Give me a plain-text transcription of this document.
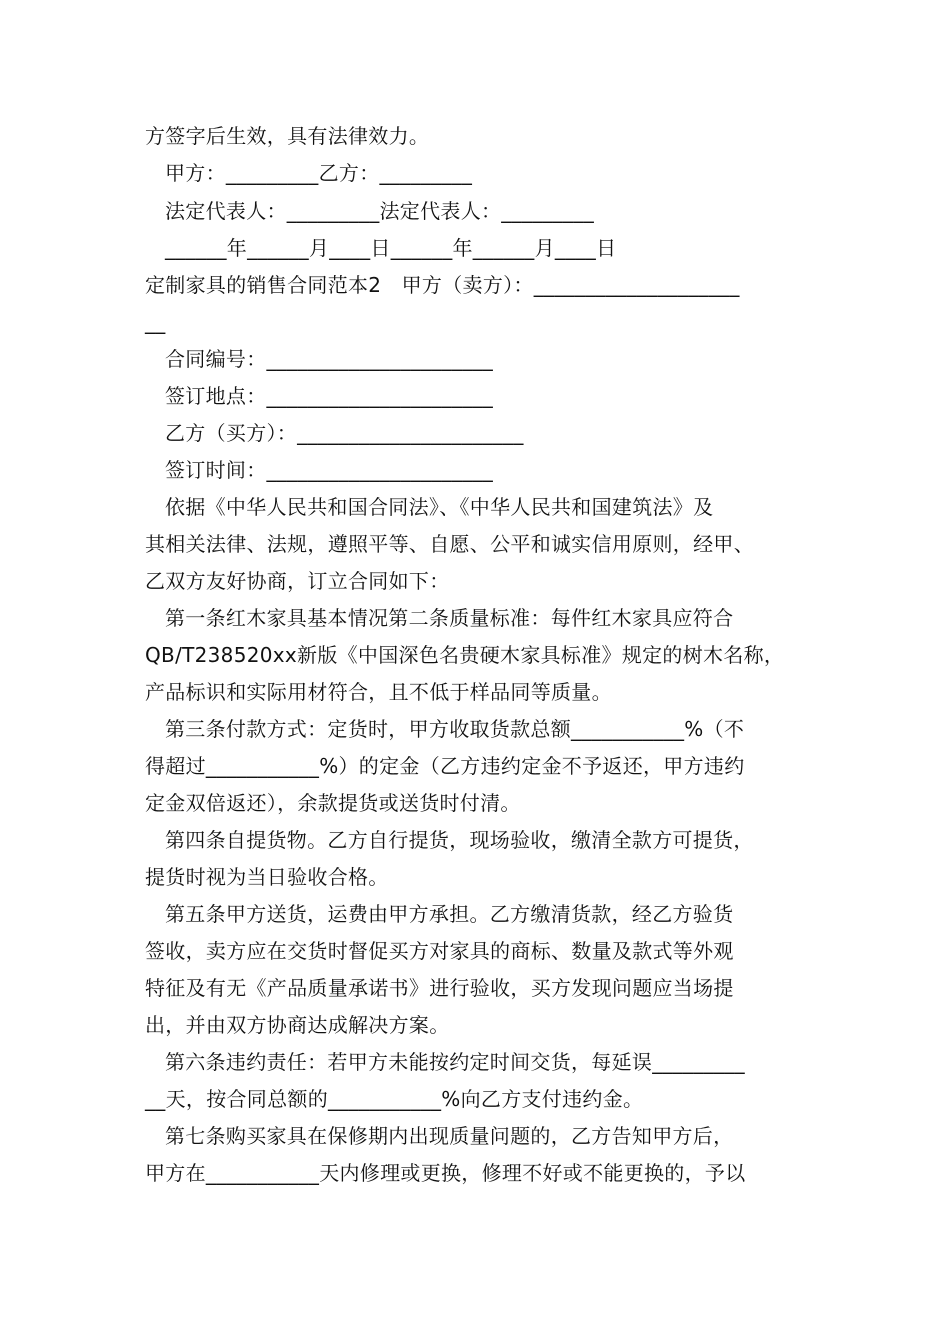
方签字后生效，具有法律效力。
甲方：_________乙方：_________
法定代表人：_________法定代表人：_________
______年______月____日______年______月____日
定制家具的销售合同范本2　甲方（卖方）：____________________
__
合同编号：______________________
签订地点：______________________
乙方（买方）：______________________
签订时间：______________________
依据《中华人民共和国合同法》、《中华人民共和国建筑法》及
其相关法律、法规，遵照平等、自愿、公平和诚实信用原则，经甲、
乙双方友好协商，订立合同如下：
第一条红木家具基本情况第二条质量标准：每件红木家具应符合
QB/T238520xx新版《中国深色名贵硬木家具标准》规定的树木名称，
产品标识和实际用材符合，且不低于样品同等质量。
第三条付款方式：定货时，甲方收取货款总额___________%（不
得超过___________%）的定金（乙方违约定金不予返还，甲方违约
定金双倍返还），余款提货或送货时付清。
第四条自提货物。乙方自行提货，现场验收，缴清全款方可提货，
提货时视为当日验收合格。
第五条甲方送货，运费由甲方承担。乙方缴清货款，经乙方验货
签收，卖方应在交货时督促买方对家具的商标、数量及款式等外观
特征及有无《产品质量承诺书》进行验收，买方发现问题应当场提
出，并由双方协商达成解决方案。
第六条违约责任：若甲方未能按约定时间交货，每延误_________
__天，按合同总额的___________%向乙方支付违约金。
第七条购买家具在保修期内出现质量问题的，乙方告知甲方后，
甲方在___________天内修理或更换，修理不好或不能更换的，予以
